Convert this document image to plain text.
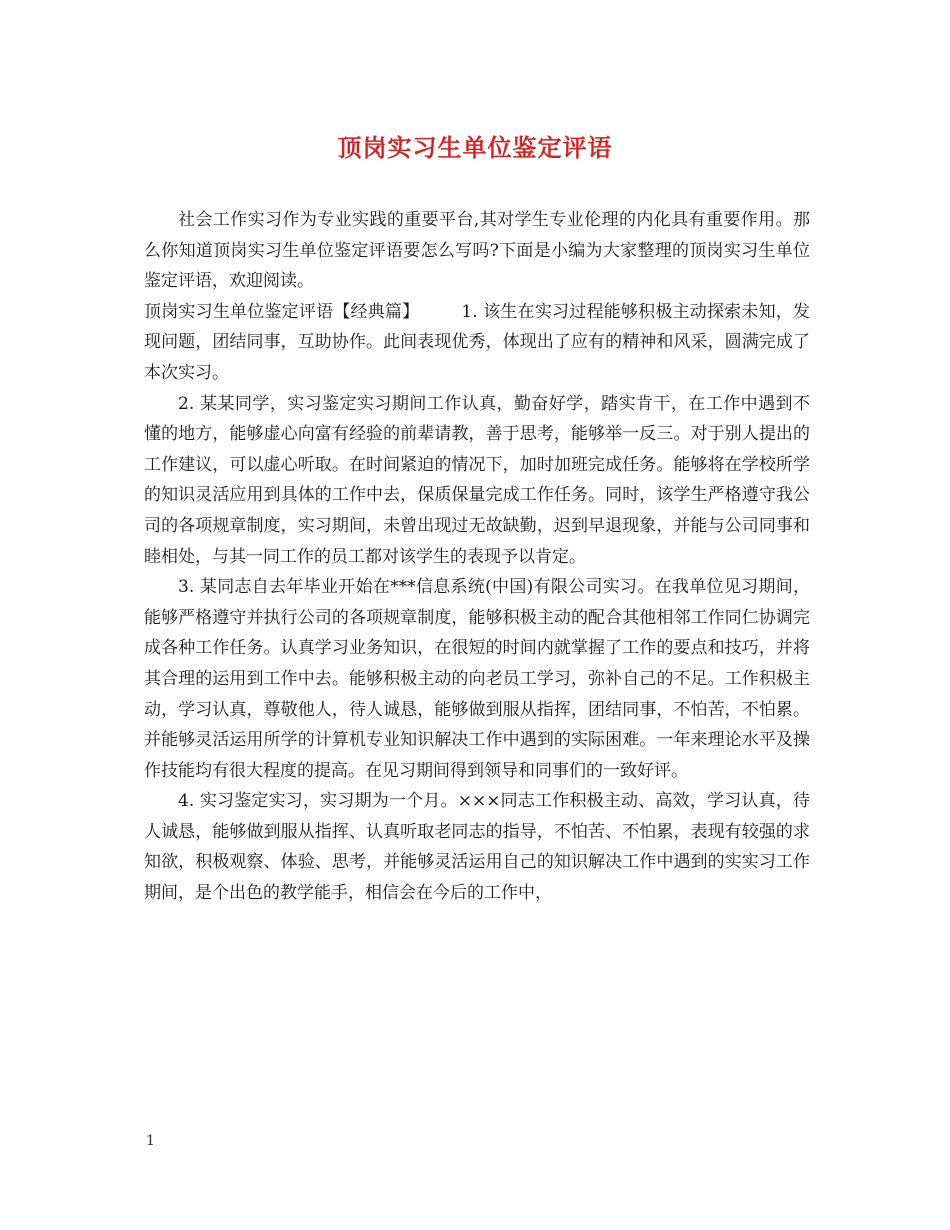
顶岗实习生单位鉴定评语

社会工作实习作为专业实践的重要平台,其对学生专业伦理的内化具有重要作用。那么你知道顶岗实习生单位鉴定评语要怎么写吗?下面是小编为大家整理的顶岗实习生单位鉴定评语，欢迎阅读。

顶岗实习生单位鉴定评语【经典篇】 1. 该生在实习过程能够积极主动探索未知，发现问题，团结同事，互助协作。此间表现优秀，体现出了应有的精神和风采，圆满完成了本次实习。

2. 某某同学，实习鉴定实习期间工作认真，勤奋好学，踏实肯干，在工作中遇到不懂的地方，能够虚心向富有经验的前辈请教，善于思考，能够举一反三。对于别人提出的工作建议，可以虚心听取。在时间紧迫的情况下，加时加班完成任务。能够将在学校所学的知识灵活应用到具体的工作中去，保质保量完成工作任务。同时，该学生严格遵守我公司的各项规章制度，实习期间，未曾出现过无故缺勤，迟到早退现象，并能与公司同事和睦相处，与其一同工作的员工都对该学生的表现予以肯定。

3. 某同志自去年毕业开始在***信息系统(中国)有限公司实习。在我单位见习期间，能够严格遵守并执行公司的各项规章制度，能够积极主动的配合其他相邻工作同仁协调完成各种工作任务。认真学习业务知识，在很短的时间内就掌握了工作的要点和技巧，并将其合理的运用到工作中去。能够积极主动的向老员工学习，弥补自己的不足。工作积极主动，学习认真，尊敬他人，待人诚恳，能够做到服从指挥，团结同事，不怕苦，不怕累。并能够灵活运用所学的计算机专业知识解决工作中遇到的实际困难。一年来理论水平及操作技能均有很大程度的提高。在见习期间得到领导和同事们的一致好评。

4. 实习鉴定实习，实习期为一个月。×××同志工作积极主动、高效，学习认真，待人诚恳，能够做到服从指挥、认真听取老同志的指导，不怕苦、不怕累，表现有较强的求知欲，积极观察、体验、思考，并能够灵活运用自己的知识解决工作中遇到的实实习工作期间，是个出色的教学能手，相信会在今后的工作中，

1
